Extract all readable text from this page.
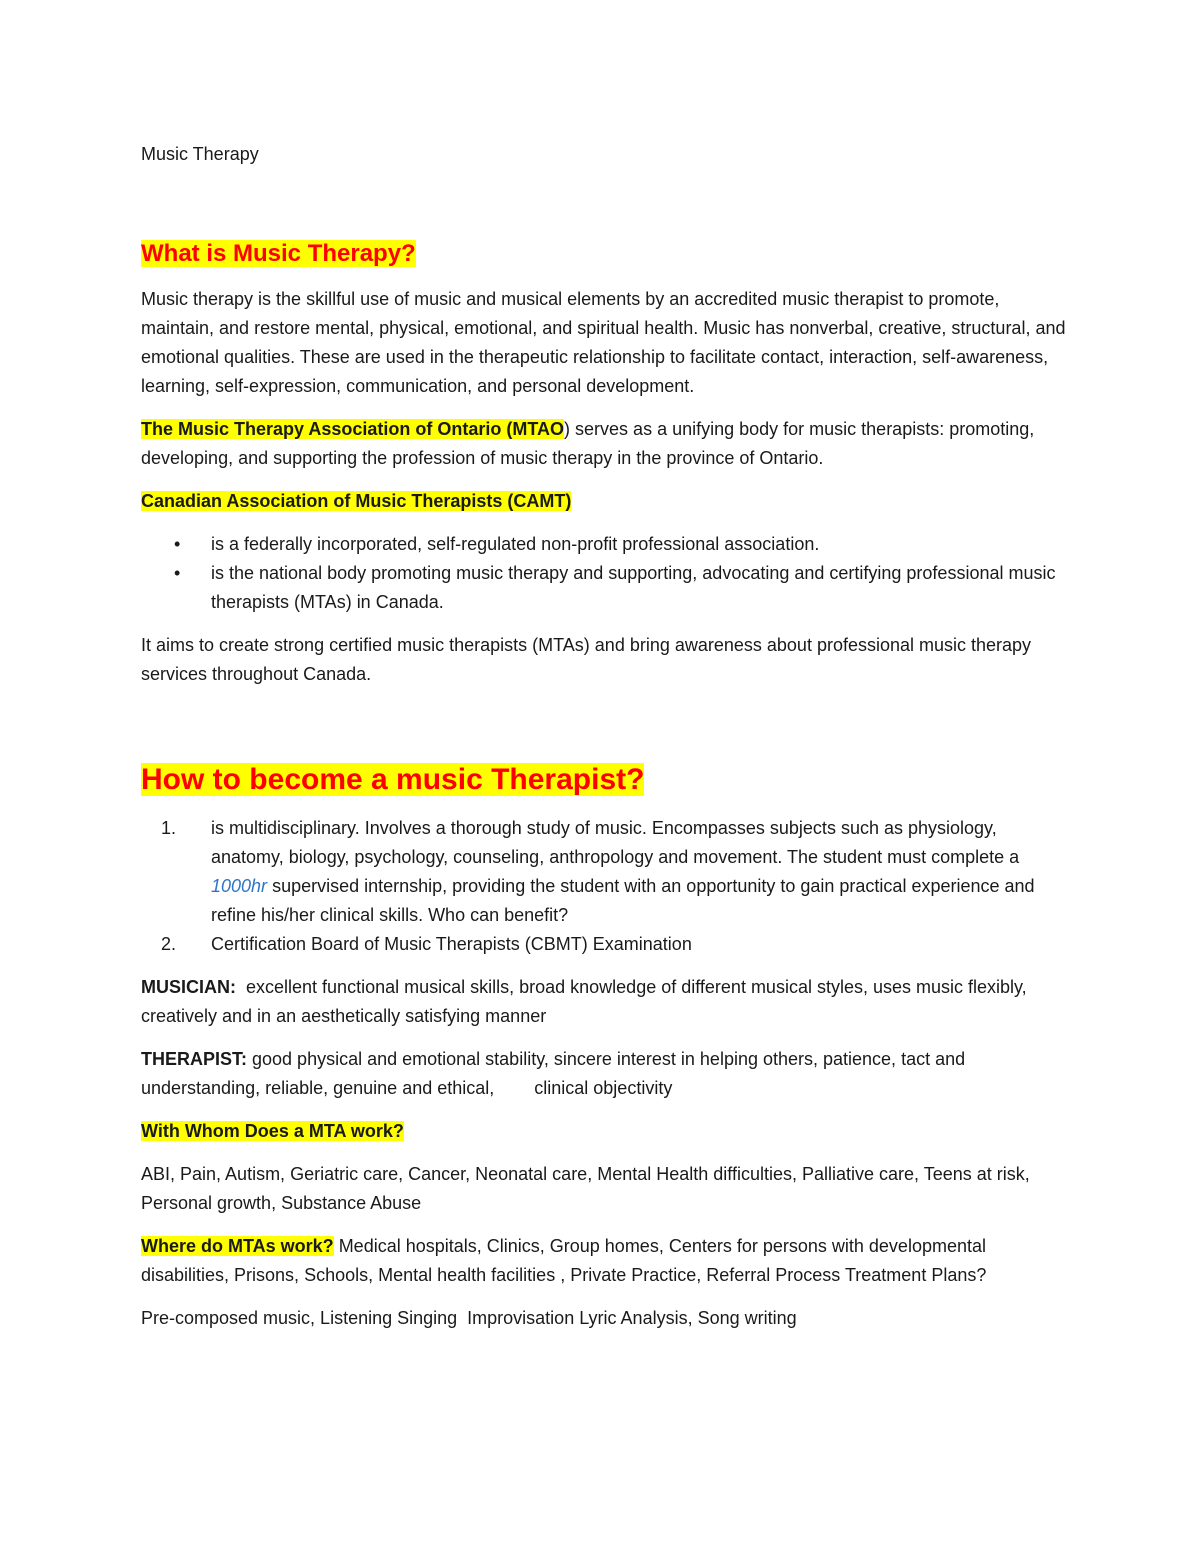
Music Therapy

What is Music Therapy?

Music therapy is the skillful use of music and musical elements by an accredited music therapist to promote, maintain, and restore mental, physical, emotional, and spiritual health. Music has nonverbal, creative, structural, and emotional qualities. These are used in the therapeutic relationship to facilitate contact, interaction, self-awareness, learning, self-expression, communication, and personal development.

The Music Therapy Association of Ontario (MTAO) serves as a unifying body for music therapists: promoting, developing, and supporting the profession of music therapy in the province of Ontario.

Canadian Association of Music Therapists (CAMT)

• is a federally incorporated, self-regulated non-profit professional association.
• is the national body promoting music therapy and supporting, advocating and certifying professional music therapists (MTAs) in Canada.

It aims to create strong certified music therapists (MTAs) and bring awareness about professional music therapy services throughout Canada.

How to become a music Therapist?
1. is multidisciplinary. Involves a thorough study of music. Encompasses subjects such as physiology, anatomy, biology, psychology, counseling, anthropology and movement. The student must complete a 1000hr supervised internship, providing the student with an opportunity to gain practical experience and refine his/her clinical skills. Who can benefit?
2. Certification Board of Music Therapists (CBMT) Examination

MUSICIAN:  excellent functional musical skills, broad knowledge of different musical styles, uses music flexibly, creatively and in an aesthetically satisfying manner

THERAPIST: good physical and emotional stability, sincere interest in helping others, patience, tact and understanding, reliable, genuine and ethical,        clinical objectivity

With Whom Does a MTA work?

ABI, Pain, Autism, Geriatric care, Cancer, Neonatal care, Mental Health difficulties, Palliative care, Teens at risk, Personal growth, Substance Abuse

Where do MTAs work? Medical hospitals, Clinics, Group homes, Centers for persons with developmental disabilities, Prisons, Schools, Mental health facilities , Private Practice, Referral Process Treatment Plans?

Pre-composed music, Listening Singing  Improvisation Lyric Analysis, Song writing
